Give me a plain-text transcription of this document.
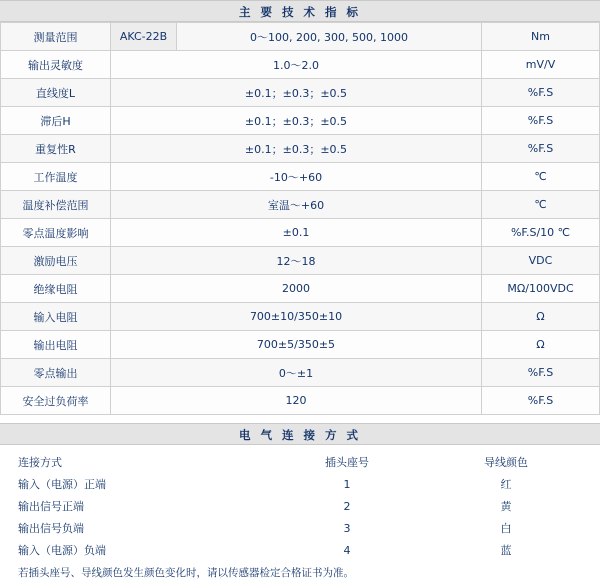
主 要 技 术 指 标
测量范围	AKC-22B	0～100, 200, 300, 500, 1000	Nm
输出灵敏度	1.0～2.0		mV/V
直线度L	±0.1；±0.3；±0.5		%F.S
滞后H	±0.1；±0.3；±0.5		%F.S
重复性R	±0.1；±0.3；±0.5		%F.S
工作温度	-10～+60		℃
温度补偿范围	室温～+60		℃
零点温度影响	±0.1		%F.S/10 ℃
激励电压	12～18		VDC
绝缘电阻	2000		MΩ/100VDC
输入电阻	700±10/350±10		Ω
输出电阻	700±5/350±5		Ω
零点输出	0～±1		%F.S
安全过负荷率	120		%F.S
电 气 连 接 方 式
连接方式	插头座号	导线颜色
输入（电源）正端	1	红
输出信号正端	2	黄
输出信号负端	3	白
输入（电源）负端	4	蓝
若插头座号、导线颜色发生颜色变化时，请以传感器检定合格证书为准。
